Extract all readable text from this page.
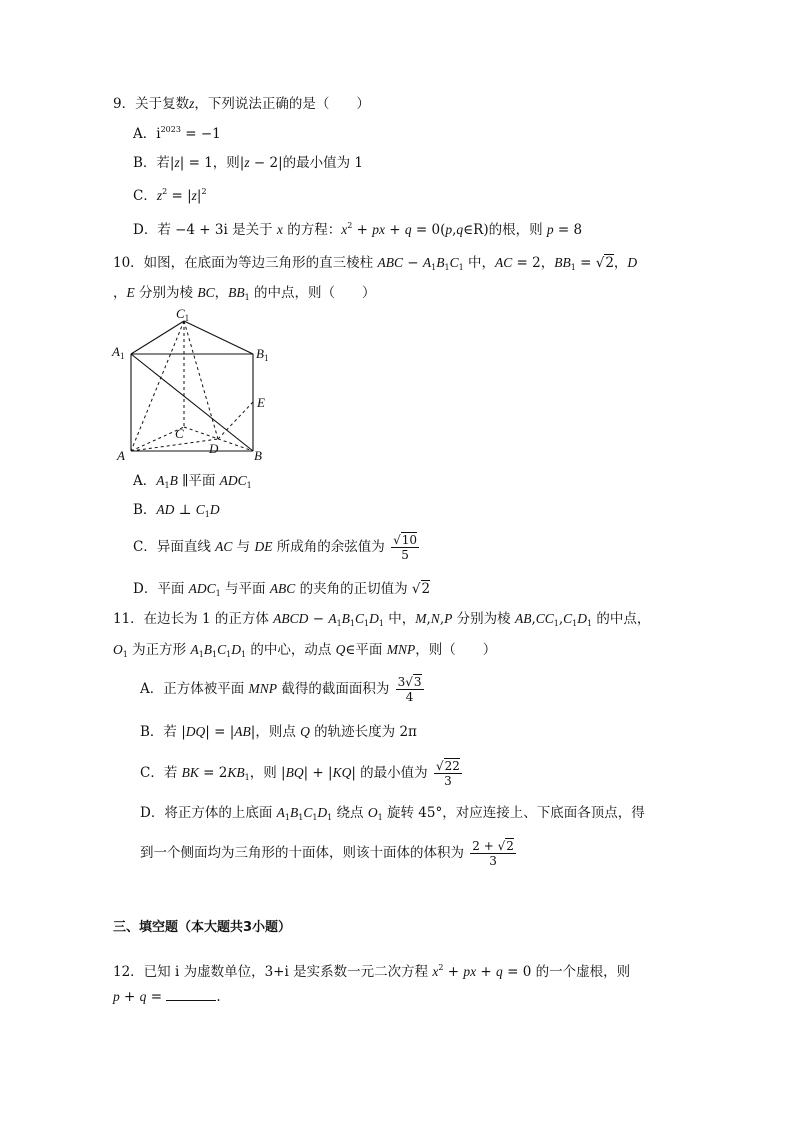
9．关于复数z，下列说法正确的是（　　）
A．$i^{2023} = -1$
B．若|z| = 1，则|z − 2|的最小值为 1
C．$z^2 = |z|^2$
D．若 −4 + 3i 是关于 x 的方程：$x^2$ + px + q = 0(p,q∈R)的根，则 p = 8
10．如图，在底面为等边三角形的直三棱柱 ABC − $A_1B_1C_1$ 中，AC = 2，$BB_1 = √2$，D
，E 分别为棱 BC，$BB_1$ 的中点，则（　　）
$C_1$
$A_1$	$B_1$
E
C
D
A	B
A．$A_1B$ ∥平面 $ADC_1$
B．AD ⊥ $C_1D$
C．异面直线 AC 与 DE 所成角的余弦值为 $\frac{√10}{5}$
D．平面 $ADC_1$ 与平面 ABC 的夹角的正切值为 √2
11．在边长为 1 的正方体 ABCD − $A_1B_1C_1D_1$ 中，M,N,P 分别为棱 $AB,CC_1,C_1D_1$ 的中点，
$O_1$ 为正方形 $A_1B_1C_1D_1$ 的中心，动点 Q∈平面 MNP，则（　　）
A．正方体被平面 MNP 截得的截面面积为 $\frac{3√3}{4}$
B．若 |DQ| = |AB|，则点 Q 的轨迹长度为 2π
C．若 BK = $2KB_1$，则 |BQ| + |KQ| 的最小值为 $\frac{√22}{3}$
D．将正方体的上底面 $A_1B_1C_1D_1$ 绕点 $O_1$ 旋转 45°，对应连接上、下底面各顶点，得
到一个侧面均为三角形的十面体，则该十面体的体积为 $\frac{2 + √2}{3}$
三、填空题（本大题共3小题）
12．已知 i 为虚数单位，3+i 是实系数一元二次方程 $x^2$ + px + q = 0 的一个虚根，则
p + q =	.
